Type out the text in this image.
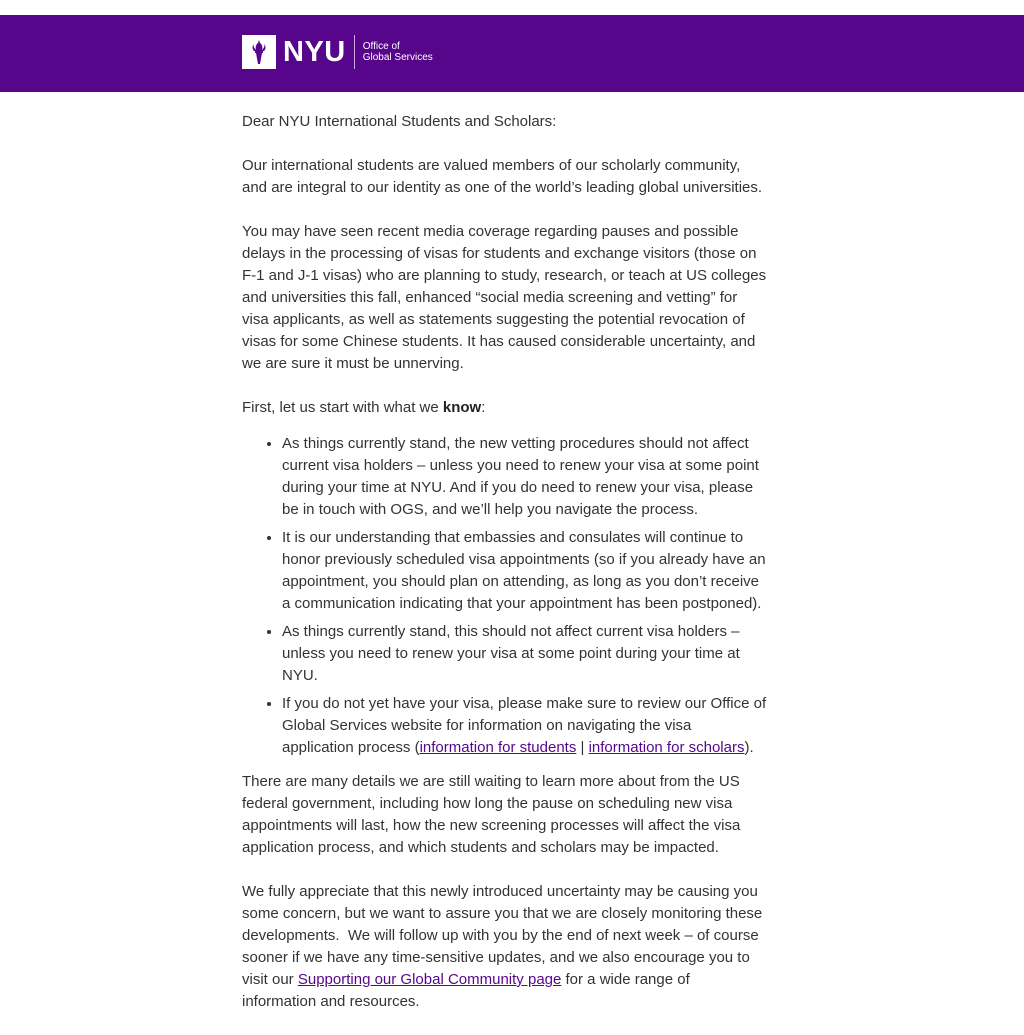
NYU Office of
Global Services

Dear NYU International Students and Scholars:

Our international students are valued members of our scholarly community, and are integral to our identity as one of the world’s leading global universities.

You may have seen recent media coverage regarding pauses and possible delays in the processing of visas for students and exchange visitors (those on F-1 and J-1 visas) who are planning to study, research, or teach at US colleges and universities this fall, enhanced “social media screening and vetting” for visa applicants, as well as statements suggesting the potential revocation of visas for some Chinese students. It has caused considerable uncertainty, and we are sure it must be unnerving.

First, let us start with what we know:

• As things currently stand, the new vetting procedures should not affect current visa holders – unless you need to renew your visa at some point during your time at NYU. And if you do need to renew your visa, please be in touch with OGS, and we’ll help you navigate the process.
• It is our understanding that embassies and consulates will continue to honor previously scheduled visa appointments (so if you already have an appointment, you should plan on attending, as long as you don’t receive a communication indicating that your appointment has been postponed).
• As things currently stand, this should not affect current visa holders – unless you need to renew your visa at some point during your time at NYU.
• If you do not yet have your visa, please make sure to review our Office of Global Services website for information on navigating the visa application process (information for students | information for scholars).

There are many details we are still waiting to learn more about from the US federal government, including how long the pause on scheduling new visa appointments will last, how the new screening processes will affect the visa application process, and which students and scholars may be impacted.

We fully appreciate that this newly introduced uncertainty may be causing you some concern, but we want to assure you that we are closely monitoring these developments.  We will follow up with you by the end of next week – of course sooner if we have any time-sensitive updates, and we also encourage you to visit our Supporting our Global Community page for a wide range of information and resources.
